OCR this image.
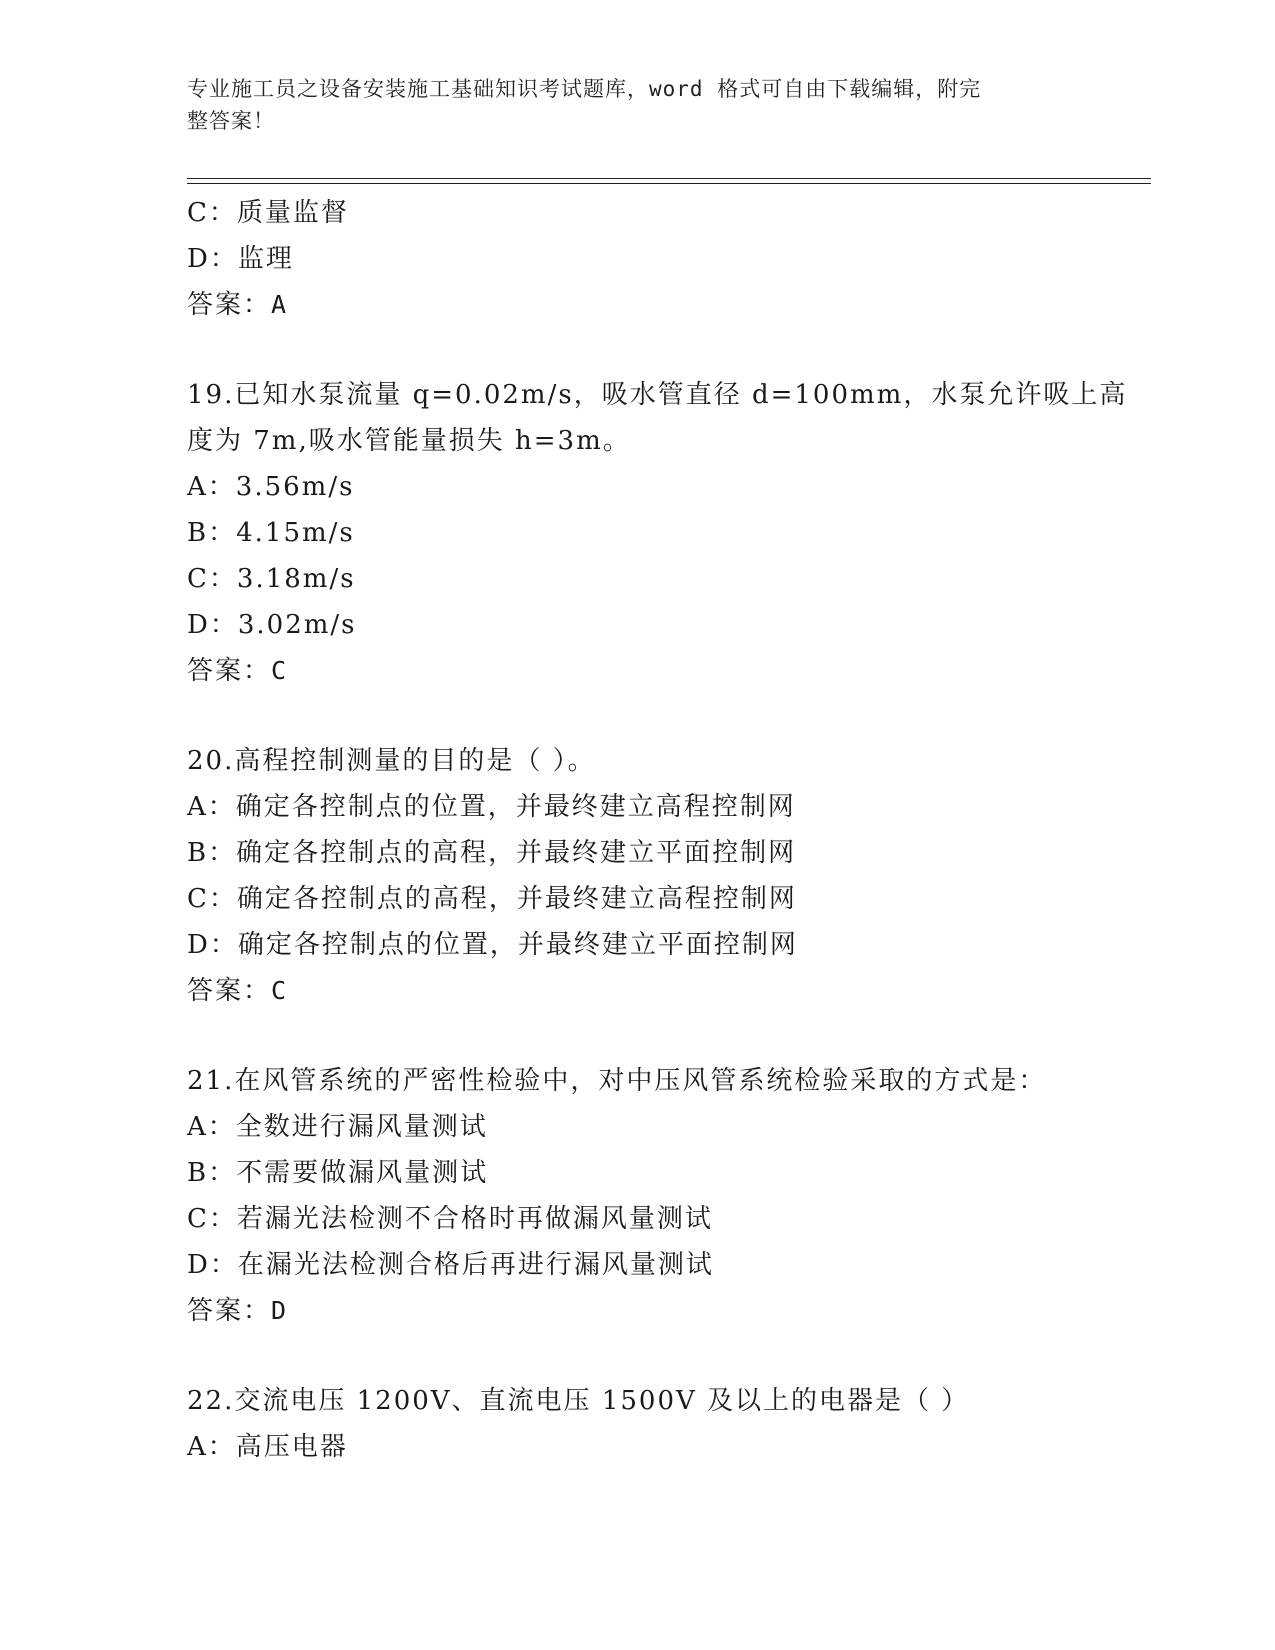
专业施工员之设备安装施工基础知识考试题库，word 格式可自由下载编辑，附完
整答案！
C：质量监督
D：监理
答案：A
19.已知水泵流量 q=0.02m/s，吸水管直径 d=100mm，水泵允许吸上高
度为 7m,吸水管能量损失 h=3m。
A：3.56m/s
B：4.15m/s
C：3.18m/s
D：3.02m/s
答案：C
20.高程控制测量的目的是（ ）。
A：确定各控制点的位置，并最终建立高程控制网
B：确定各控制点的高程，并最终建立平面控制网
C：确定各控制点的高程，并最终建立高程控制网
D：确定各控制点的位置，并最终建立平面控制网
答案：C
21.在风管系统的严密性检验中，对中压风管系统检验采取的方式是：
A：全数进行漏风量测试
B：不需要做漏风量测试
C：若漏光法检测不合格时再做漏风量测试
D：在漏光法检测合格后再进行漏风量测试
答案：D
22.交流电压 1200V、直流电压 1500V 及以上的电器是（ ）
A：高压电器
